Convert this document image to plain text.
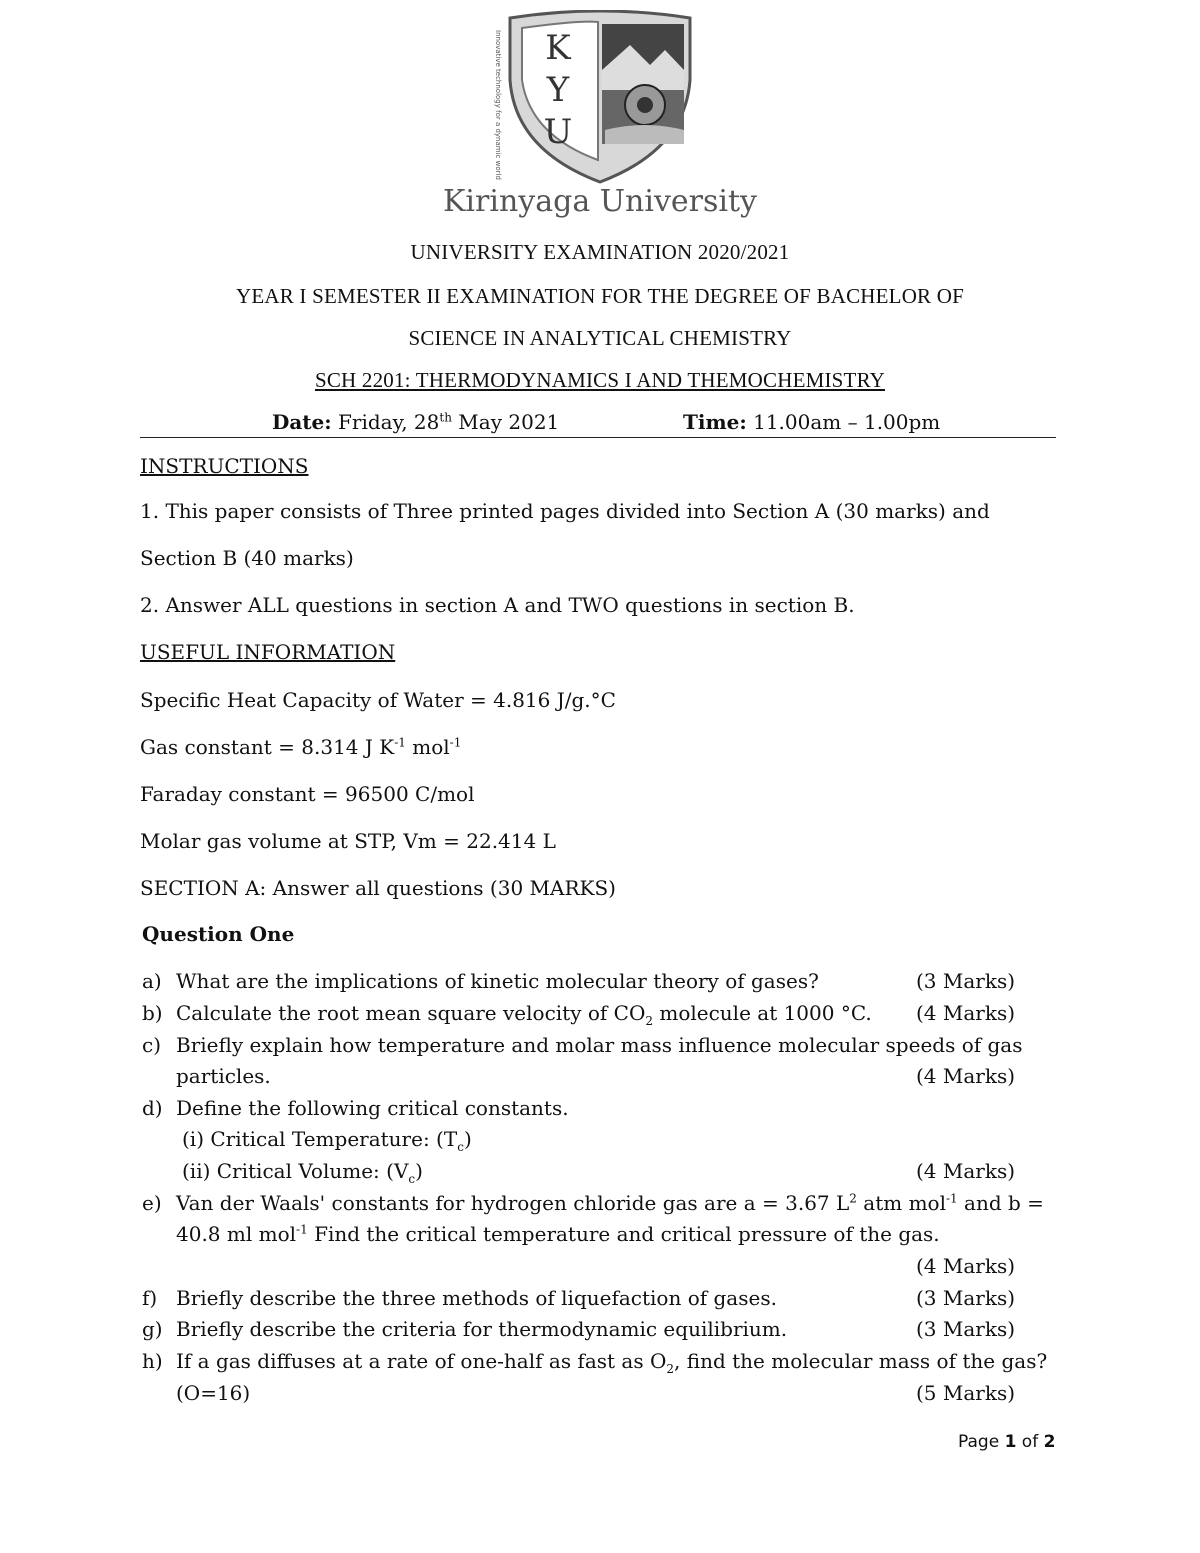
KYU
Innovative technology for a dynamic world
Kirinyaga University
UNIVERSITY EXAMINATION 2020/2021
YEAR I SEMESTER II EXAMINATION FOR THE DEGREE OF BACHELOR OF
SCIENCE IN ANALYTICAL CHEMISTRY
SCH 2201: THERMODYNAMICS I AND THEMOCHEMISTRY
Date: Friday, 28th May 2021	Time: 11.00am – 1.00pm
INSTRUCTIONS
1. This paper consists of Three printed pages divided into Section A (30 marks) and
Section B (40 marks)
2. Answer ALL questions in section A and TWO questions in section B.
USEFUL INFORMATION
Specific Heat Capacity of Water = 4.816 J/g.°C
Gas constant = 8.314 J $K^{-1}$ mol$^{-1}$
Faraday constant = 96500 C/mol
Molar gas volume at STP, Vm = 22.414 L
SECTION A: Answer all questions (30 MARKS)
Question One
a) What are the implications of kinetic molecular theory of gases?	(3 Marks)
b) Calculate the root mean square velocity of $CO_2$ molecule at 1000 °C. (4 Marks)
c) Briefly explain how temperature and molar mass influence molecular speeds of gas
particles.	(4 Marks)
d) Define the following critical constants.
(i) Critical Temperature: $(T_c)$
(ii) Critical Volume: $(V_c)$	(4 Marks)
e) Van der Waals' constants for hydrogen chloride gas are a = 3.67 $L^2$ atm mol$^{-1}$ and b =
40.8 ml mol$^{-1}$ Find the critical temperature and critical pressure of the gas.
(4 Marks)
f) Briefly describe the three methods of liquefaction of gases.	(3 Marks)
g) Briefly describe the criteria for thermodynamic equilibrium.	(3 Marks)
h) If a gas diffuses at a rate of one-half as fast as $O_2$, find the molecular mass of the gas?
(O=16)	(5 Marks)
Page 1 of 2
